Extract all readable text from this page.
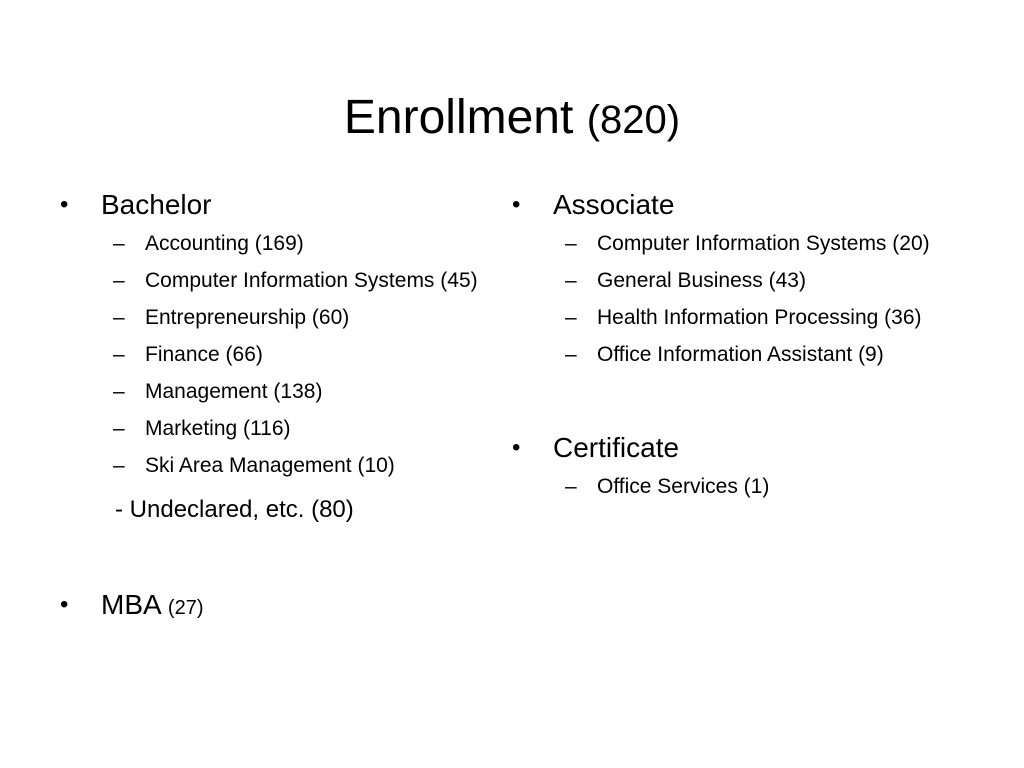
Enrollment (820)
• Bachelor
– Accounting (169)
– Computer Information Systems (45)
– Entrepreneurship (60)
– Finance (66)
– Management (138)
– Marketing (116)
– Ski Area Management (10)
- Undeclared, etc. (80)
• MBA (27)
• Associate
– Computer Information Systems (20)
– General Business (43)
– Health Information Processing (36)
– Office Information Assistant (9)
• Certificate
– Office Services (1)
